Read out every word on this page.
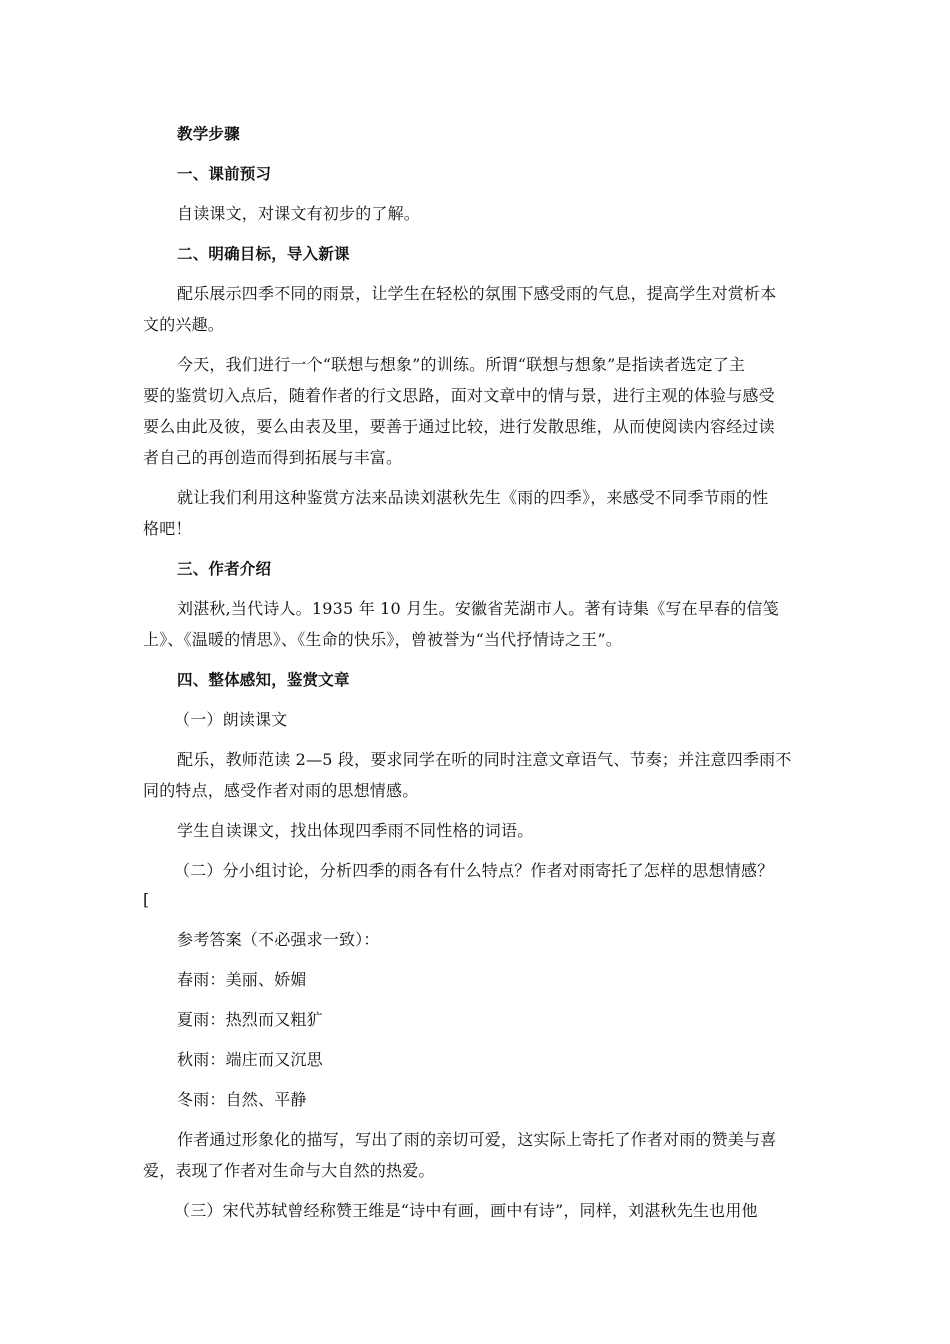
教学步骤
一、课前预习
自读课文，对课文有初步的了解。
二、明确目标，导入新课
配乐展示四季不同的雨景，让学生在轻松的氛围下感受雨的气息，提高学生对赏析本
文的兴趣。
今天，我们进行一个“联想与想象”的训练。所谓“联想与想象”是指读者选定了主
要的鉴赏切入点后，随着作者的行文思路，面对文章中的情与景，进行主观的体验与感受
要么由此及彼，要么由表及里，要善于通过比较，进行发散思维，从而使阅读内容经过读
者自己的再创造而得到拓展与丰富。
就让我们利用这种鉴赏方法来品读刘湛秋先生《雨的四季》，来感受不同季节雨的性
格吧！
三、作者介绍
刘湛秋,当代诗人。1935 年 10 月生。安徽省芜湖市人。著有诗集《写在早春的信笺
上》、《温暖的情思》、《生命的快乐》，曾被誉为“当代抒情诗之王”。
四、整体感知，鉴赏文章
（一）朗读课文
配乐，教师范读 2—5 段，要求同学在听的同时注意文章语气、节奏；并注意四季雨不
同的特点，感受作者对雨的思想情感。
学生自读课文，找出体现四季雨不同性格的词语。
（二）分小组讨论，分析四季的雨各有什么特点？作者对雨寄托了怎样的思想情感？
[
参考答案（不必强求一致）：
春雨：美丽、娇媚
夏雨：热烈而又粗犷
秋雨：端庄而又沉思
冬雨：自然、平静
作者通过形象化的描写，写出了雨的亲切可爱，这实际上寄托了作者对雨的赞美与喜
爱，表现了作者对生命与大自然的热爱。
（三）宋代苏轼曾经称赞王维是“诗中有画，画中有诗”，同样，刘湛秋先生也用他
